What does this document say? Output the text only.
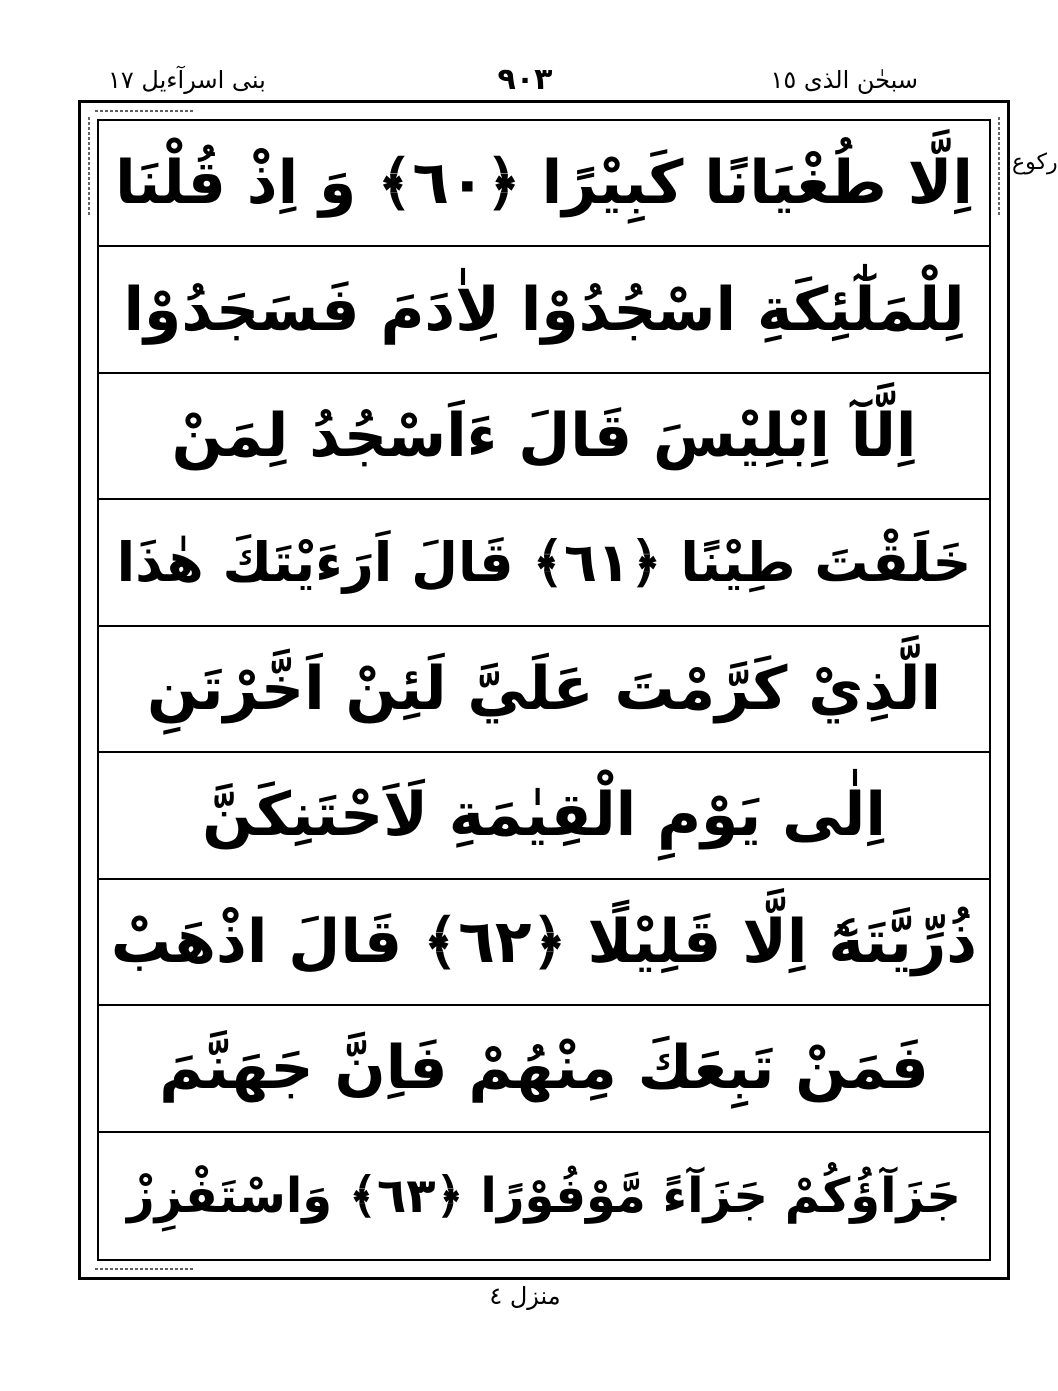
بنی اسرآءیل ١٧	٩٠٣	سبحٰن الذی ١٥
ركوع
اِلَّا طُغْيَانًا كَبِيْرًا ﴿٦٠﴾ وَ اِذْ قُلْنَا
لِلْمَلٰٓئِكَةِ اسْجُدُوْا لِاٰدَمَ فَسَجَدُوْا
اِلَّآ اِبْلِيْسَ قَالَ ءَاَسْجُدُ لِمَنْ
خَلَقْتَ طِيْنًا ﴿٦١﴾ قَالَ اَرَءَيْتَكَ هٰذَا
الَّذِيْ كَرَّمْتَ عَلَيَّ لَئِنْ اَخَّرْتَنِ
اِلٰى يَوْمِ الْقِيٰمَةِ لَاَحْتَنِكَنَّ
ذُرِّيَّتَهٗٓ اِلَّا قَلِيْلًا ﴿٦٢﴾ قَالَ اذْهَبْ
فَمَنْ تَبِعَكَ مِنْهُمْ فَاِنَّ جَهَنَّمَ
جَزَآؤُكُمْ جَزَآءً مَّوْفُوْرًا ﴿٦٣﴾ وَاسْتَفْزِزْ
منزل ٤
